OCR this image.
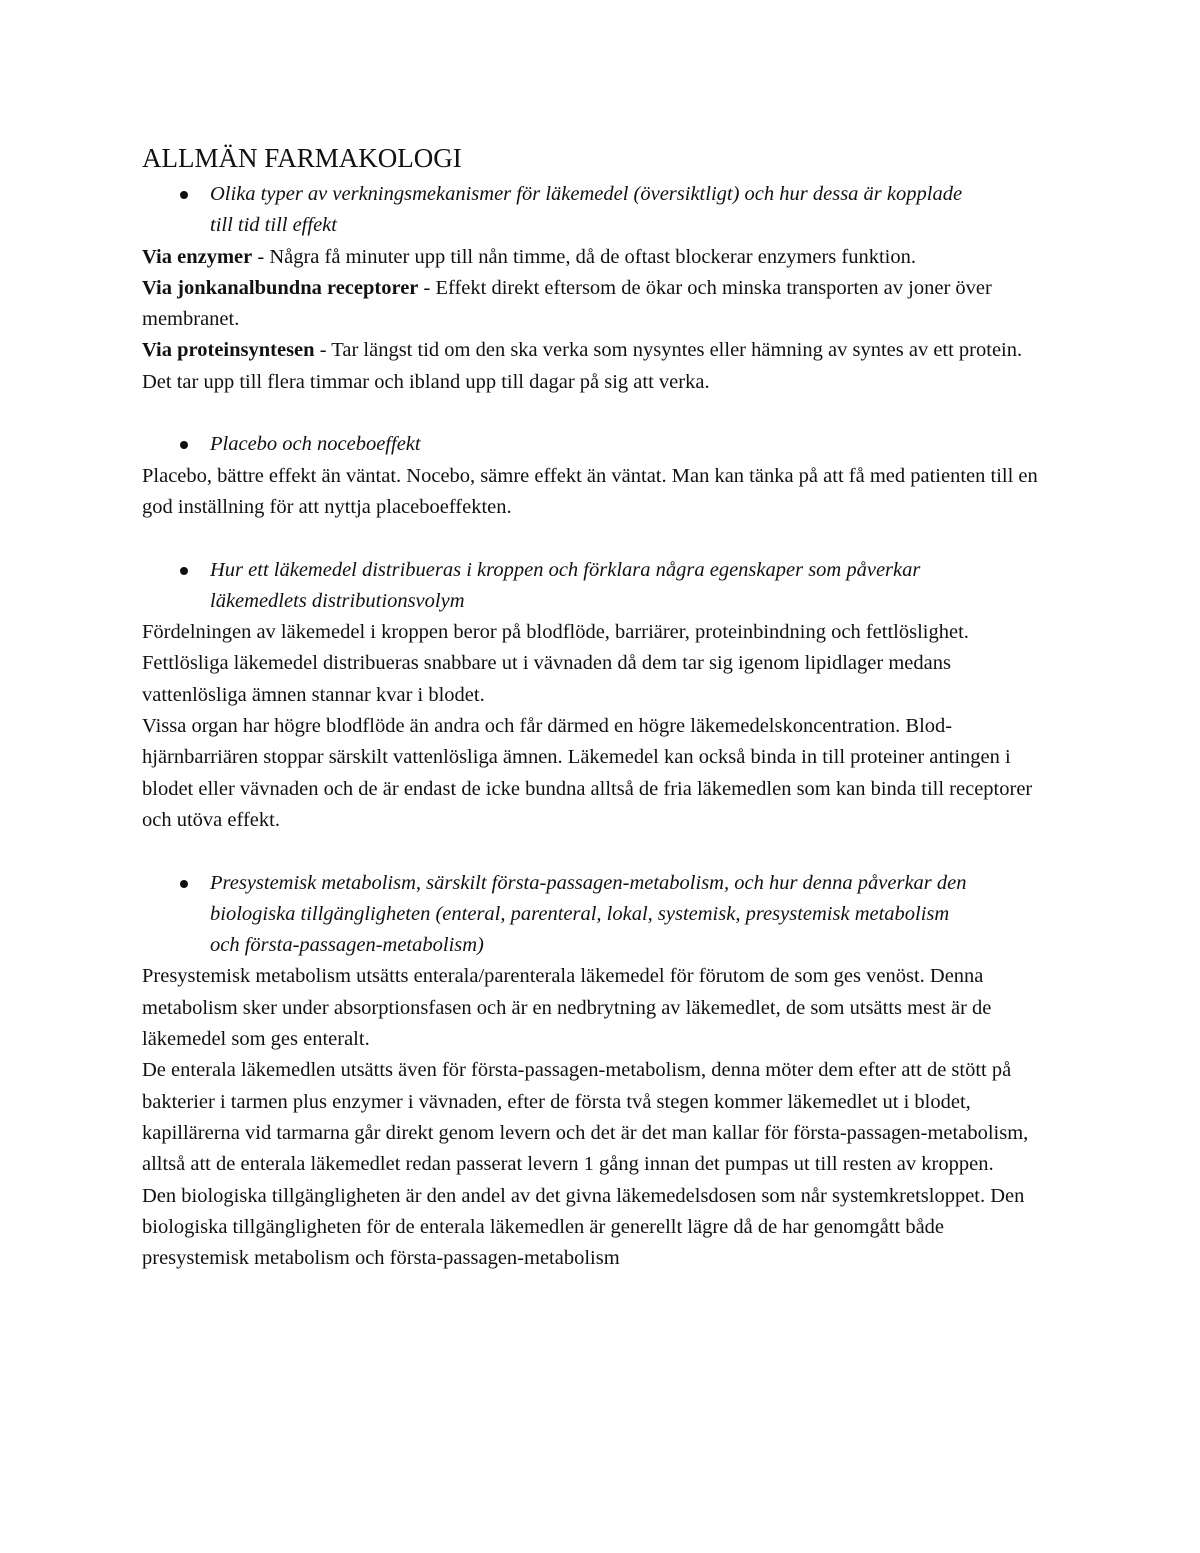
ALLMÄN FARMAKOLOGI
Olika typer av verkningsmekanismer för läkemedel (översiktligt) och hur dessa är kopplade till tid till effekt

Via enzymer - Några få minuter upp till nån timme, då de oftast blockerar enzymers funktion.

Via jonkanalbundna receptorer - Effekt direkt eftersom de ökar och minska transporten av joner över membranet.

Via proteinsyntesen - Tar längst tid om den ska verka som nysyntes eller hämning av syntes av ett protein. Det tar upp till flera timmar och ibland upp till dagar på sig att verka.

Placebo och noceboeffekt

Placebo, bättre effekt än väntat. Nocebo, sämre effekt än väntat. Man kan tänka på att få med patienten till en god inställning för att nyttja placeboeffekten.

Hur ett läkemedel distribueras i kroppen och förklara några egenskaper som påverkar läkemedlets distributionsvolym

Fördelningen av läkemedel i kroppen beror på blodflöde, barriärer, proteinbindning och fettlöslighet.

Fettlösliga läkemedel distribueras snabbare ut i vävnaden då dem tar sig igenom lipidlager medans vattenlösliga ämnen stannar kvar i blodet.

Vissa organ har högre blodflöde än andra och får därmed en högre läkemedelskoncentration. Blod-hjärnbarriären stoppar särskilt vattenlösliga ämnen. Läkemedel kan också binda in till proteiner antingen i blodet eller vävnaden och de är endast de icke bundna alltså de fria läkemedlen som kan binda till receptorer och utöva effekt.

Presystemisk metabolism, särskilt första-passagen-metabolism, och hur denna påverkar den biologiska tillgängligheten (enteral, parenteral, lokal, systemisk, presystemisk metabolism och första-passagen-metabolism)

Presystemisk metabolism utsätts enterala/parenterala läkemedel för förutom de som ges venöst. Denna metabolism sker under absorptionsfasen och är en nedbrytning av läkemedlet, de som utsätts mest är de läkemedel som ges enteralt.

De enterala läkemedlen utsätts även för första-passagen-metabolism, denna möter dem efter att de stött på bakterier i tarmen plus enzymer i vävnaden, efter de första två stegen kommer läkemedlet ut i blodet, kapillärerna vid tarmarna går direkt genom levern och det är det man kallar för första-passagen-metabolism, alltså att de enterala läkemedlet redan passerat levern 1 gång innan det pumpas ut till resten av kroppen.

Den biologiska tillgängligheten är den andel av det givna läkemedelsdosen som når systemkretsloppet. Den biologiska tillgängligheten för de enterala läkemedlen är generellt lägre då de har genomgått både presystemisk metabolism och första-passagen-metabolism
